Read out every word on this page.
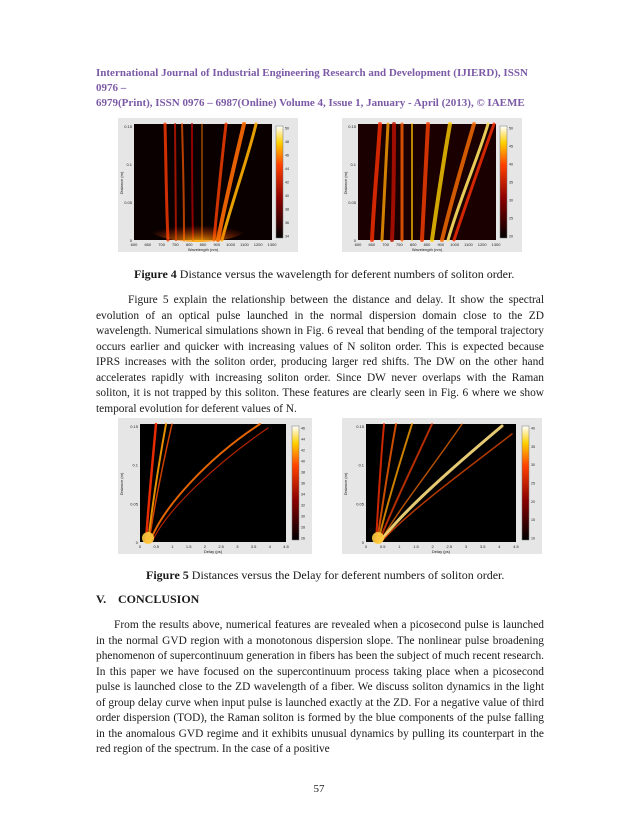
International Journal of Industrial Engineering Research and Development (IJIERD), ISSN 0976 –
6979(Print), ISSN 0976 – 6987(Online) Volume 4, Issue 1, January - April (2013), © IAEME
0.15
0.1
0.05
0
600 650 700 750 800 850 900 1000 1100 1200 1300
Wavelength (nm)
Distance (m)
50
48
46
44
42
40
38
36
34
0.15
0.1
0.05
0
600 650 700 750 800 850 900 1000 1100 1200 1300
Wavelength (nm)
Distance (m)
50
45
40
35
30
25
20
Figure 4 Distance versus the wavelength for deferent numbers of soliton order.
Figure 5 explain the relationship between the distance and delay. It show the spectral evolution of an optical pulse launched in the normal dispersion domain close to the ZD wavelength. Numerical simulations shown in Fig. 6 reveal that bending of the temporal trajectory occurs earlier and quicker with increasing values of N soliton order. This is expected because IPRS increases with the soliton order, producing larger red shifts. The DW on the other hand accelerates rapidly with increasing soliton order. Since DW never overlaps with the Raman soliton, it is not trapped by this soliton. These features are clearly seen in Fig. 6 where we show temporal evolution for deferent values of N.
0.15
0.1
0.05
0
0	0.5	1	1.5	2	2.5	3	3.5	4	4.5
Delay (ps)
Distance (m)
46
44
42
40
38
36
34
32
30
28
26
0.15
0.1
0.05
0
0	0.5	1	1.5	2	2.5	3	3.5	4	4.5
Delay (ps)
Distance (m)
40
35
30
25
20
15
10
Figure 5 Distances versus the Delay for deferent numbers of soliton order.
V. CONCLUSION
From the results above, numerical features are revealed when a picosecond pulse is launched in the normal GVD region with a monotonous dispersion slope. The nonlinear pulse broadening phenomenon of supercontinuum generation in fibers has been the subject of much recent research. In this paper we have focused on the supercontinuum process taking place when a picosecond pulse is launched close to the ZD wavelength of a fiber. We discuss soliton dynamics in the light of group delay curve when input pulse is launched exactly at the ZD. For a negative value of third order dispersion (TOD), the Raman soliton is formed by the blue components of the pulse falling in the anomalous GVD regime and it exhibits unusual dynamics by pulling its counterpart in the red region of the spectrum. In the case of a positive
57
